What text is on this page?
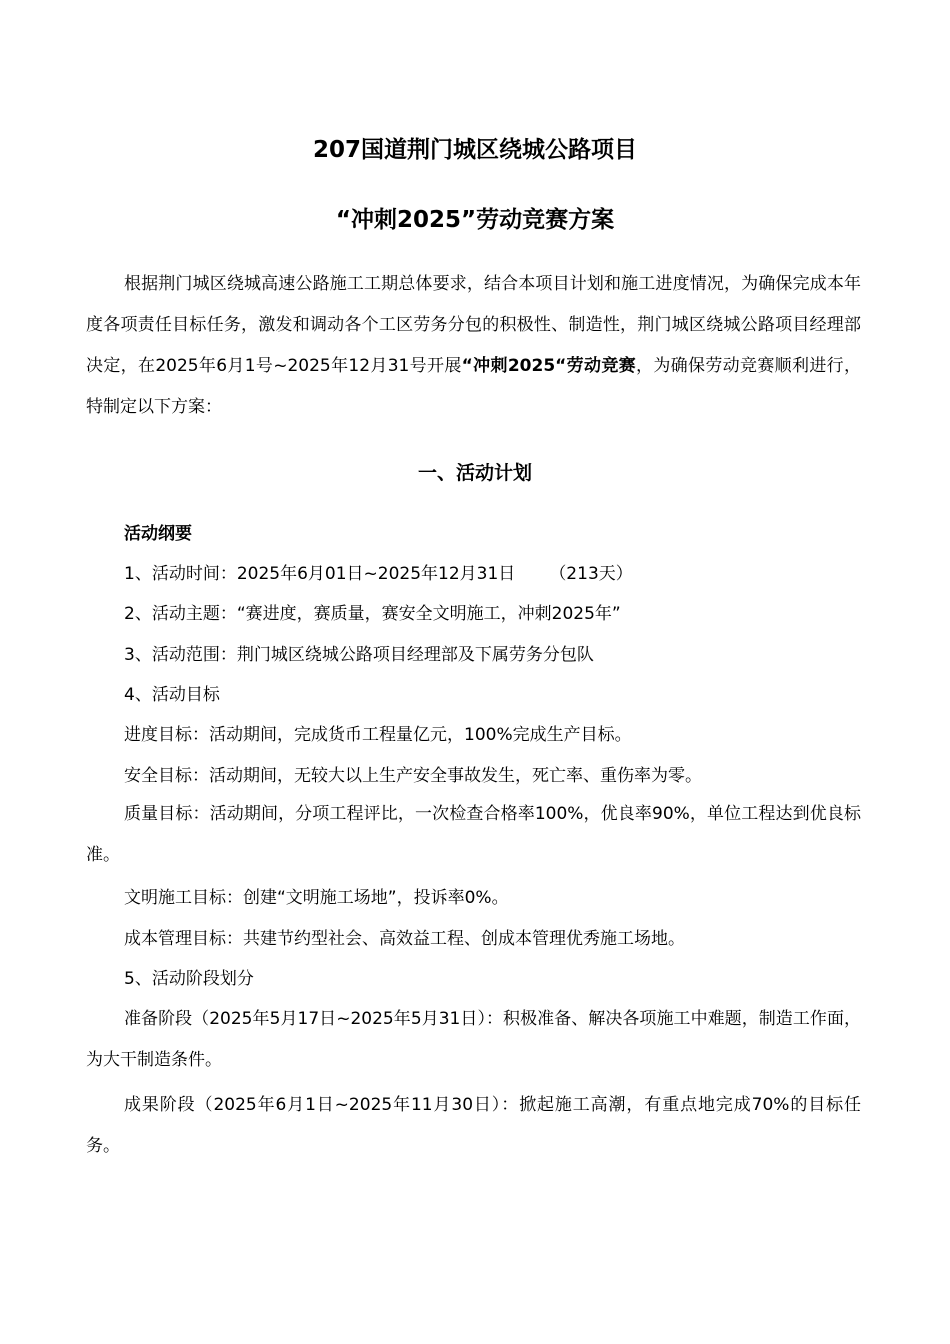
207国道荆门城区绕城公路项目
“冲刺2025”劳动竞赛方案
根据荆门城区绕城高速公路施工工期总体要求，结合本项目计划和施工进度情况，为确保完成本年度各项责任目标任务，激发和调动各个工区劳务分包的积极性、制造性，荆门城区绕城公路项目经理部决定，在2025年6月1号~2025年12月31号开展“冲刺2025“劳动竞赛，为确保劳动竞赛顺利进行，特制定以下方案：
一、活动计划
活动纲要
1、活动时间：2025年6月01日~2025年12月31日 （213天）
2、活动主题：“赛进度，赛质量，赛安全文明施工，冲刺2025年”
3、活动范围：荆门城区绕城公路项目经理部及下属劳务分包队
4、活动目标
进度目标：活动期间，完成货币工程量亿元，100%完成生产目标。
安全目标：活动期间，无较大以上生产安全事故发生，死亡率、重伤率为零。
质量目标：活动期间，分项工程评比，一次检查合格率100%，优良率90%，单位工程达到优良标准。
文明施工目标：创建“文明施工场地”，投诉率0%。
成本管理目标：共建节约型社会、高效益工程、创成本管理优秀施工场地。
5、活动阶段划分
准备阶段（2025年5月17日~2025年5月31日）：积极准备、解决各项施工中难题，制造工作面，为大干制造条件。
成果阶段（2025年6月1日~2025年11月30日）：掀起施工高潮，有重点地完成70%的目标任务。
